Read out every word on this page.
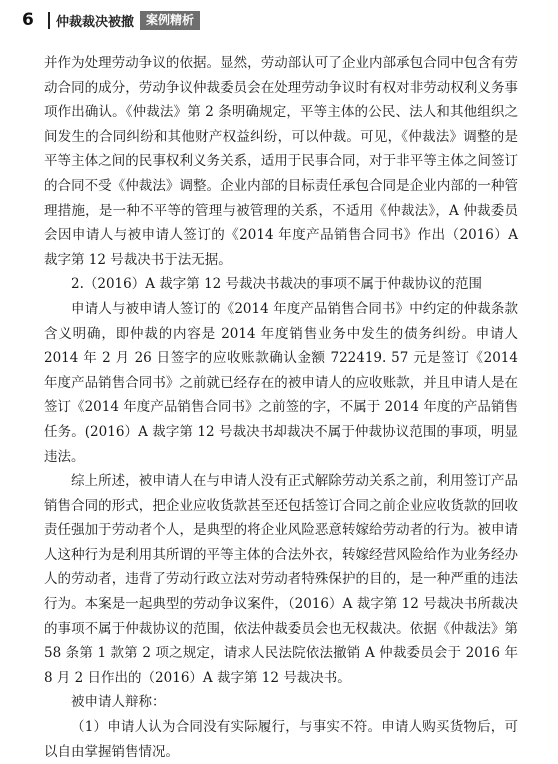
6	仲裁裁决被撤	案例精析

并作为处理劳动争议的依据。显然，劳动部认可了企业内部承包合同中包含有劳动合同的成分，劳动争议仲裁委员会在处理劳动争议时有权对非劳动权利义务事项作出确认。《仲裁法》第 2 条明确规定，平等主体的公民、法人和其他组织之间发生的合同纠纷和其他财产权益纠纷，可以仲裁。可见，《仲裁法》调整的是平等主体之间的民事权利义务关系，适用于民事合同，对于非平等主体之间签订的合同不受《仲裁法》调整。企业内部的目标责任承包合同是企业内部的一种管理措施，是一种不平等的管理与被管理的关系，不适用《仲裁法》，A 仲裁委员会因申请人与被申请人签订的《2014 年度产品销售合同书》作出（2016）A 裁字第 12 号裁决书于法无据。

2.（2016）A 裁字第 12 号裁决书裁决的事项不属于仲裁协议的范围

申请人与被申请人签订的《2014 年度产品销售合同书》中约定的仲裁条款含义明确，即仲裁的内容是 2014 年度销售业务中发生的债务纠纷。申请人 2014 年 2 月 26 日签字的应收账款确认金额 722419. 57 元是签订《2014 年度产品销售合同书》之前就已经存在的被申请人的应收账款，并且申请人是在签订《2014 年度产品销售合同书》之前签的字，不属于 2014 年度的产品销售任务。(2016）A 裁字第 12 号裁决书却裁决不属于仲裁协议范围的事项，明显违法。

综上所述，被申请人在与申请人没有正式解除劳动关系之前，利用签订产品销售合同的形式，把企业应收货款甚至还包括签订合同之前企业应收货款的回收责任强加于劳动者个人，是典型的将企业风险恶意转嫁给劳动者的行为。被申请人这种行为是利用其所谓的平等主体的合法外衣，转嫁经营风险给作为业务经办人的劳动者，违背了劳动行政立法对劳动者特殊保护的目的，是一种严重的违法行为。本案是一起典型的劳动争议案件，（2016）A 裁字第 12 号裁决书所裁决的事项不属于仲裁协议的范围，依法仲裁委员会也无权裁决。依据《仲裁法》第 58 条第 1 款第 2 项之规定，请求人民法院依法撤销 A 仲裁委员会于 2016 年 8 月 2 日作出的（2016）A 裁字第 12 号裁决书。

被申请人辩称：

（1）申请人认为合同没有实际履行，与事实不符。申请人购买货物后，可以自由掌握销售情况。
